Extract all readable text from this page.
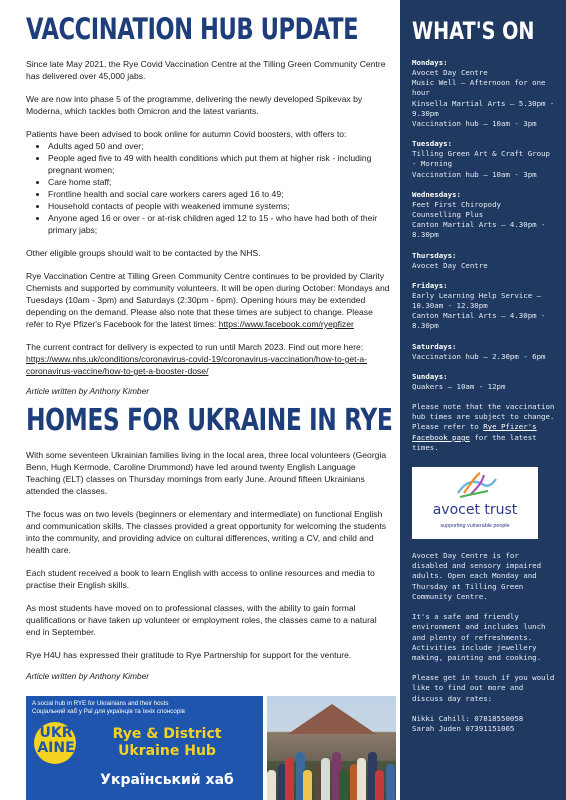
VACCINATION HUB UPDATE

Since late May 2021, the Rye Covid Vaccination Centre at the Tilling Green Community Centre has delivered over 45,000 jabs.

We are now into phase 5 of the programme, delivering the newly developed Spikevax by Moderna, which tackles both Omicron and the latest variants.

Patients have been advised to book online for autumn Covid boosters, with offers to:

• Adults aged 50 and over;
• People aged five to 49 with health conditions which put them at higher risk - including pregnant women;
• Care home staff;
• Frontline health and social care workers carers aged 16 to 49;
• Household contacts of people with weakened immune systems;
• Anyone aged 16 or over - or at-risk children aged 12 to 15 - who have had both of their primary jabs;

Other eligible groups should wait to be contacted by the NHS.

Rye Vaccination Centre at Tilling Green Community Centre continues to be provided by Clarity Chemists and supported by community volunteers. It will be open during October: Mondays and Tuesdays (10am - 3pm) and Saturdays (2:30pm - 6pm). Opening hours may be extended depending on the demand. Please also note that these times are subject to change. Please refer to Rye Pfizer's Facebook for the latest times: https://www.facebook.com/ryepfizer

The current contract for delivery is expected to run until March 2023. Find out more here: https://www.nhs.uk/conditions/coronavirus-covid-19/coronavirus-vaccination/how-to-get-a-coronavirus-vaccine/how-to-get-a-booster-dose/

Article written by Anthony Kimber
HOMES FOR UKRAINE IN RYE

With some seventeen Ukrainian families living in the local area, three local volunteers (Georgia Benn, Hugh Kermode, Caroline Drummond) have led around twenty English Language Teaching (ELT) classes on Thursday mornings from early June. Around fifteen Ukrainians attended the classes.

The focus was on two levels (beginners or elementary and intermediate) on functional English and communication skills. The classes provided a great opportunity for welcoming the students into the community, and providing advice on cultural differences, writing a CV, and child and health care.

Each student received a book to learn English with access to online resources and media to practise their English skills.

As most students have moved on to professional classes, with the ability to gain formal qualifications or have taken up volunteer or employment roles, the classes came to a natural end in September.

Rye H4U has expressed their gratitude to Rye Partnership for support for the venture.

Article written by Anthony Kimber
A social hub in RYE for Ukrainians and their hosts
Соціальний хаб у Раї для українців та їхніх спонсорів
UKR AINE
Rye & District Ukraine Hub
Український хаб
WHAT'S ON
Mondays:
Avocet Day Centre
Music Well – Afternoon for one hour
Kinsella Martial Arts – 5.30pm - 9.30pm
Vaccination hub – 10am - 3pm
Tuesdays:
Tilling Green Art & Craft Group - Morning
Vaccination hub – 10am - 3pm
Wednesdays:
Feet First Chiropody
Counselling Plus
Canton Martial Arts – 4.30pm - 8.30pm
Thursdays:
Avocet Day Centre
Fridays:
Early Learning Help Service – 10.30am - 12.30pm
Canton Martial Arts – 4.30pm - 8.30pm
Saturdays:
Vaccination hub – 2.30pm - 6pm
Sundays:
Quakers – 10am - 12pm

Please note that the vaccination hub times are subject to change. Please refer to Rye Pfizer's Facebook page for the latest times.

avocet trust
supporting vulnerable people

Avocet Day Centre is for disabled and sensory impaired adults. Open each Monday and Thursday at Tilling Green Community Centre.

It's a safe and friendly environment and includes lunch and plenty of refreshments. Activities include jewellery making, painting and cooking.

Please get in touch if you would like to find out more and discuss day rates:

Nikki Cahill: 07818550058
Sarah Juden 07391151065
